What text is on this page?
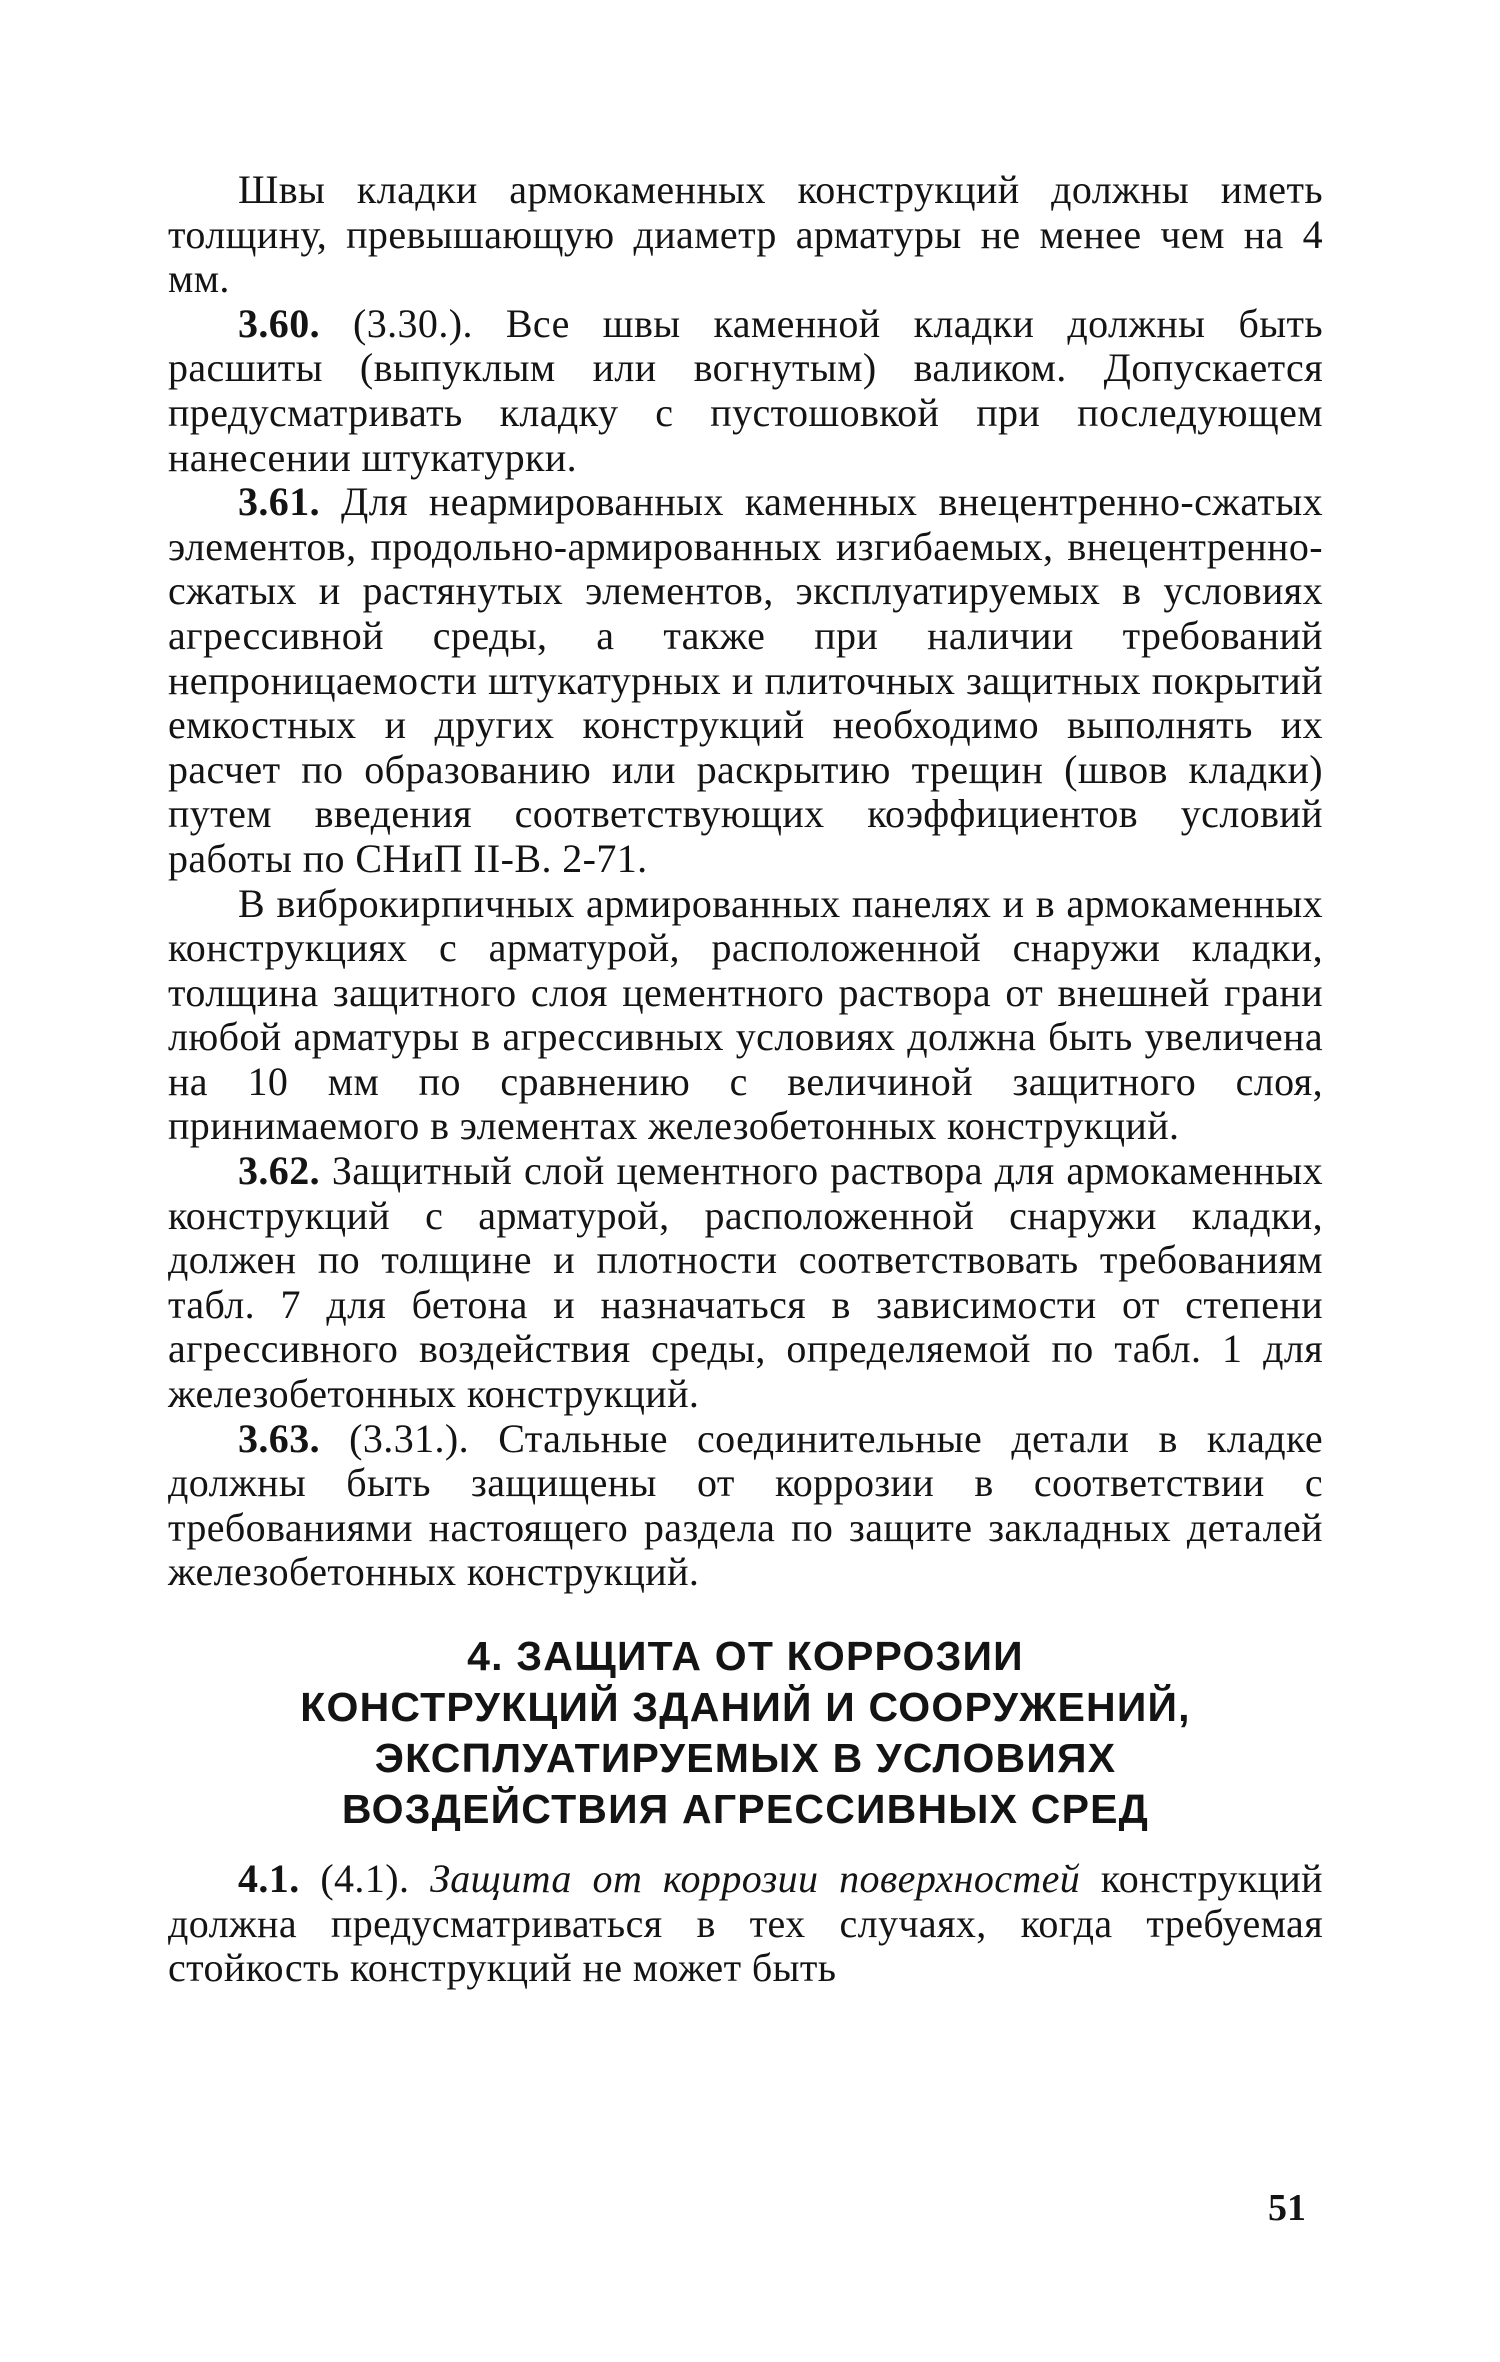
Швы кладки армокаменных конструкций должны иметь толщину, превышающую диаметр арматуры не менее чем на 4 мм.

3.60. (3.30.). Все швы каменной кладки должны быть расшиты (выпуклым или вогнутым) валиком. Допускается предусматривать кладку с пустошовкой при последующем нанесении штукатурки.

3.61. Для неармированных каменных внецентренно-сжатых элементов, продольно-армированных изгибаемых, внецентренно-сжатых и растянутых элементов, эксплуатируемых в условиях агрессивной среды, а также при наличии требований непроницаемости штукатурных и плиточных защитных покрытий емкостных и других конструкций необходимо выполнять их расчет по образованию или раскрытию трещин (швов кладки) путем введения соответствующих коэффициентов условий работы по СНиП II-В. 2-71.

В виброкирпичных армированных панелях и в армокаменных конструкциях с арматурой, расположенной снаружи кладки, толщина защитного слоя цементного раствора от внешней грани любой арматуры в агрессивных условиях должна быть увеличена на 10 мм по сравнению с величиной защитного слоя, принимаемого в элементах железобетонных конструкций.

3.62. Защитный слой цементного раствора для армокаменных конструкций с арматурой, расположенной снаружи кладки, должен по толщине и плотности соответствовать требованиям табл. 7 для бетона и назначаться в зависимости от степени агрессивного воздействия среды, определяемой по табл. 1 для железобетонных конструкций.

3.63. (3.31.). Стальные соединительные детали в кладке должны быть защищены от коррозии в соответствии с требованиями настоящего раздела по защите закладных деталей железобетонных конструкций.

4. ЗАЩИТА ОТ КОРРОЗИИ
КОНСТРУКЦИЙ ЗДАНИЙ И СООРУЖЕНИЙ,
ЭКСПЛУАТИРУЕМЫХ В УСЛОВИЯХ
ВОЗДЕЙСТВИЯ АГРЕССИВНЫХ СРЕД

4.1. (4.1). Защита от коррозии поверхностей конструкций должна предусматриваться в тех случаях, когда требуемая стойкость конструкций не может быть

51
